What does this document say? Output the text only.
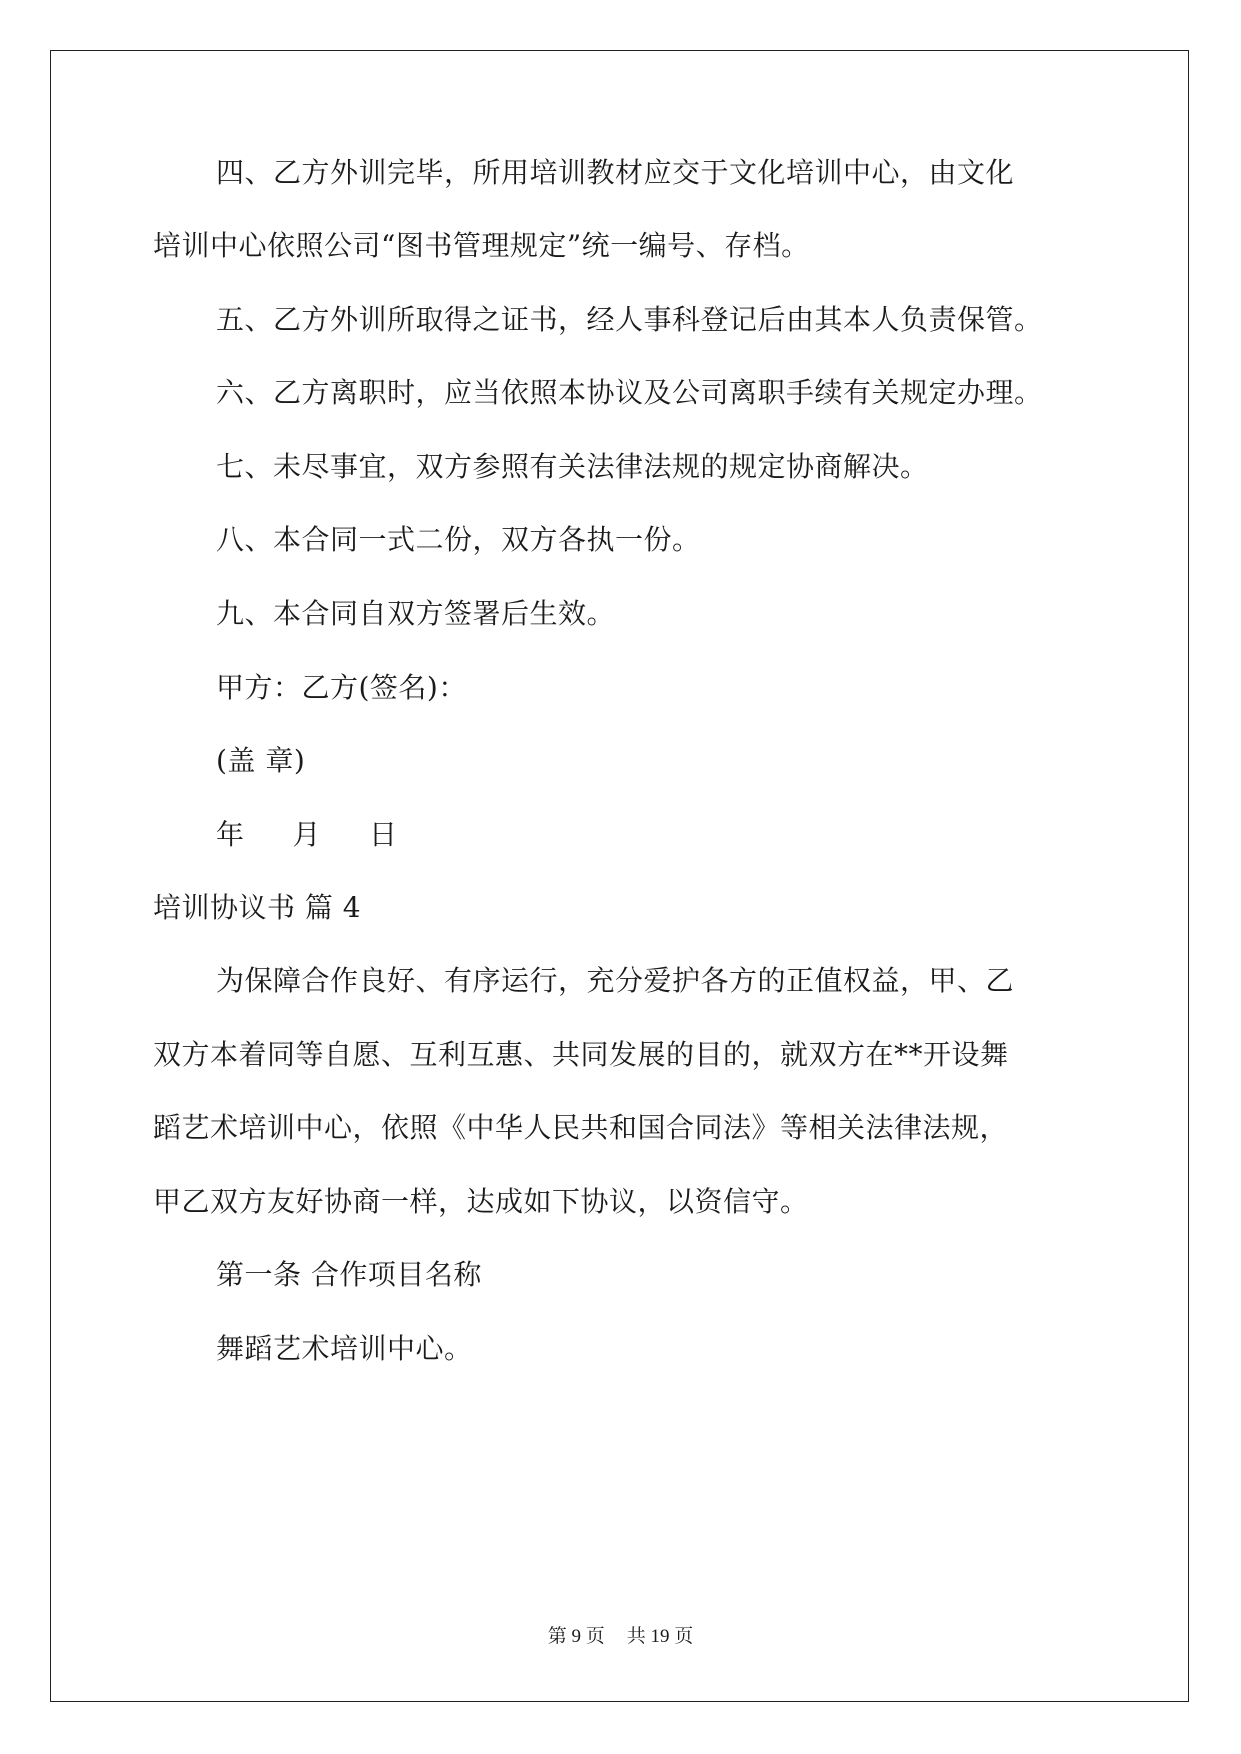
四、乙方外训完毕，所用培训教材应交于文化培训中心，由文化
培训中心依照公司“图书管理规定”统一编号、存档。
五、乙方外训所取得之证书，经人事科登记后由其本人负责保管。
六、乙方离职时，应当依照本协议及公司离职手续有关规定办理。
七、未尽事宜，双方参照有关法律法规的规定协商解决。
八、本合同一式二份，双方各执一份。
九、本合同自双方签署后生效。
甲方：乙方(签名)：
(盖 章)
年 月 日
培训协议书 篇 4
为保障合作良好、有序运行，充分爱护各方的正值权益，甲、乙
双方本着同等自愿、互利互惠、共同发展的目的，就双方在**开设舞
蹈艺术培训中心，依照《中华人民共和国合同法》等相关法律法规，
甲乙双方友好协商一样，达成如下协议，以资信守。
第一条 合作项目名称
舞蹈艺术培训中心。
第 9 页 共 19 页
